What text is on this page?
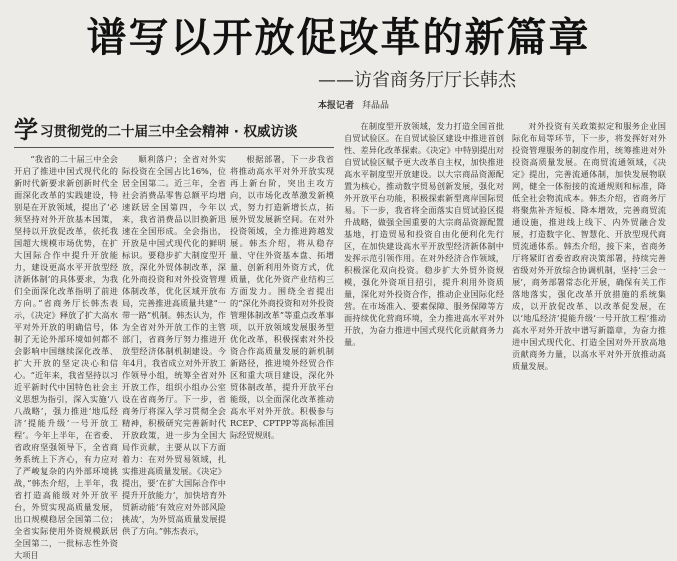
谱写以开放促改革的新篇章
——访省商务厅厅长韩杰
本报记者 拜晶晶
学 习贯彻党的二十届三中全会精神 · 权威访谈

“我省的二十届三中全会开启了推进中国式现代化的新时代新要求新创新时代全面深化改革的实践建设，特别是在开放领域，提出了‘必须坚持对外开放基本国策，坚持以开放促改革，依托我国超大规模市场优势，在扩大国际合作中提升开放能力，建设更高水平开放型经济新体制’的具体要求，为我们全面深化改革指明了前进方向。”省商务厅长韩杰表示，《决定》释放了扩大高水平对外开放的明确信号，体制了无论外部环境如何都不会影响中国继续深化改革、扩大开放的坚定决心和信心。“近年来，我省坚持以习近平新时代中国特色社会主义思想为指引，深入实施‘八八战略’，强力推进‘地瓜经济’提能升级‘一号开放工程’。今年上半年，在省委、省政府坚强领导下，全省商务系统上下齐心，有力应对了严峻复杂的内外部环境挑战，”韩杰介绍，上半年，我省打造高能级对外开放平台，外贸实现高质量发展，出口规模稳居全国第二位；全省实际使用外资规模跃居全国第二，一批标志性外资大项目

顺利落户；全省对外实际投资在全国占比16%，位居全国第二。近三年，全省社会消费品零售总额平均增速跃居全国第四，今年以来，我省消费品以旧换新迅速在全国形成。全会指出，开放是中国式现代化的鲜明标识。要稳步扩大制度型开放，深化外贸体制改革，深化外商投资和对外投资管理体制改革，优化区域开放布局，完善推进高质量共建“一带一路”机制。韩杰认为，作为全省对外开放工作的主管部门，省商务厅努力推进开放型经济体制机制建设。今年4月，我省成立对外开放工作领导小组，统筹全省对外开放工作，组织小组办公室设在省商务厅。下一步，省商务厅将深入学习贯彻全会精神，积极研究完善新时代开放政策，进一步为全国大局作贡献，主要从以下方面着力：在对外贸易领域，扎实推进高质量发展。《决定》提出，要‘在扩大国际合作中提升开放能力’，加快培育外贸新动能‘有效应对外部风险挑战’，为外贸高质量发展提供了方向。”韩杰表示，

根据部署，下一步我省将推动高水平对外开放实现再上新台阶，突出主攻方向，以市场化改革激发新模式，努力打造新增长点，拓展外贸发展新空间。在对外投资领域，全力推进跨越发展。韩杰介绍，将从稳存量、守住外资基本盘、拓增量、创新利用外资方式，优质量，优化外资产业结构三方面发力。围绕全省提出的“深化外商投资和对外投资管理体制改革”等重点改革事项，以开放领域发展服务型优化改革，积极探索对外投资合作高质量发展的新机制新路径，推进境外经贸合作区和重大项目建设，深化外贸体制改革，提升开放平台能级，以全面深化改革推动高水平对外开放。积极参与RCEP、CPTPP等高标准国际经贸规则。

在制度型开放领域，发力打造全国首批自贸试验区。在自贸试验区建设中推进首创性、差异化改革探索。《决定》中特别提出对自贸试验区赋予更大改革自主权，加快推进高水平制度型开放建设。以大宗商品资源配置为核心，推动数字贸易创新发展，强化对外开放平台功能，积极探索新型离岸国际贸易。下一步，我省将全面落实自贸试验区提升战略，做强全国重要的大宗商品资源配置基地，打造贸易和投资自由化便利化先行区，在加快建设高水平开放型经济新体制中发挥示范引领作用。在对外经济合作领域，积极深化双向投资。稳步扩大外贸外资规模，强化外资项目招引，提升利用外资质量，深化对外投资合作，推动企业国际化经营。在市场准入、要素保障、服务保障等方面持续优化营商环境，全力推进高水平对外开放，为奋力推进中国式现代化贡献商务力量。

对外投资有关政策拟定和服务企业国际化布局等环节，下一步，将发挥好对外投资管理服务的制度作用，统筹推进对外投资高质量发展。在商贸流通领域，《决定》提出，完善流通体制，加快发展物联网，健全一体衔接的流通规则和标准，降低全社会物流成本。韩杰介绍，省商务厅将聚焦补齐短板、降本增效，完善商贸流通设施，推进线上线下、内外贸融合发展，打造数字化、智慧化、开放型现代商贸流通体系。韩杰介绍，接下来，省商务厅将紧盯省委省政府决策部署，持续完善省级对外开放综合协调机制，坚持‘三会一展’，商务部署常态化开展，确保有关工作落地落实，强化改革开放措施的系统集成，以开放促改革、以改革促发展，在以‘地瓜经济’提能升级‘一号开放工程’推动高水平对外开放中谱写新篇章，为奋力推进中国式现代化、打造全国对外开放高地贡献商务力量，以高水平对外开放推动高质量发展。
